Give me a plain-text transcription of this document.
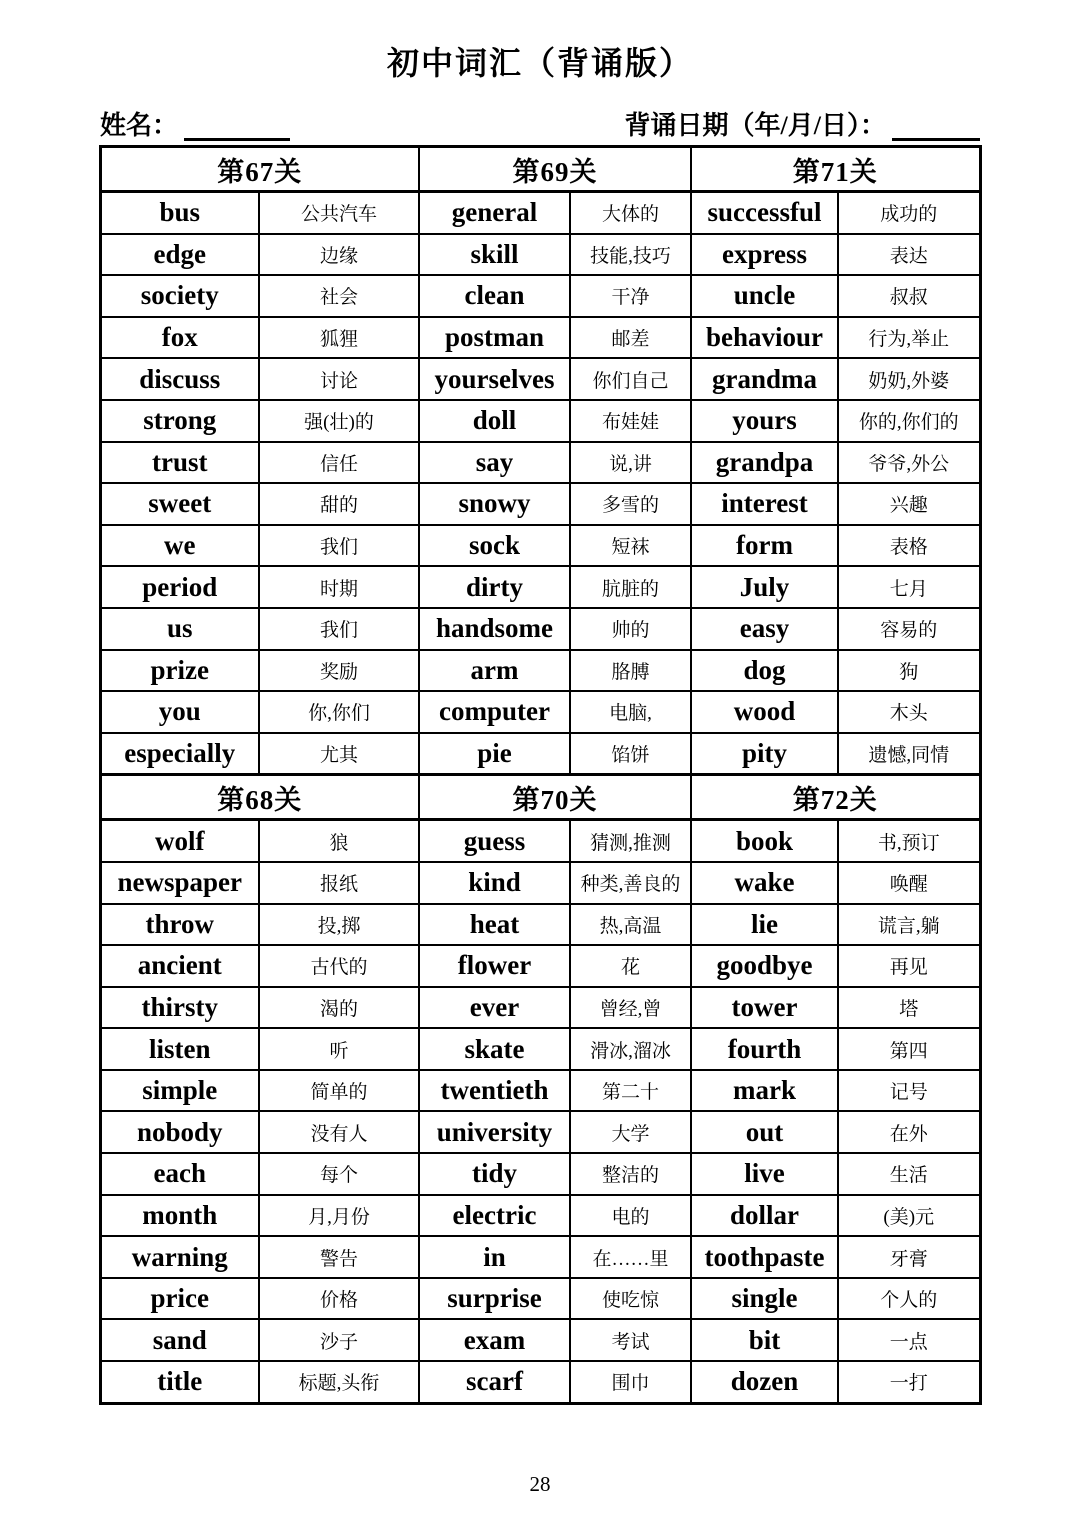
初中词汇（背诵版）
姓名：	背诵日期（年/月/日）：
第67关		第69关		第71关	
bus	公共汽车	general	大体的	successful	成功的
edge	边缘	skill	技能,技巧	express	表达
society	社会	clean	干净	uncle	叔叔
fox	狐狸	postman	邮差	behaviour	行为,举止
discuss	讨论	yourselves	你们自己	grandma	奶奶,外婆
strong	强(壮)的	doll	布娃娃	yours	你的,你们的
trust	信任	say	说,讲	grandpa	爷爷,外公
sweet	甜的	snowy	多雪的	interest	兴趣
we	我们	sock	短袜	form	表格
period	时期	dirty	肮脏的	July	七月
us	我们	handsome	帅的	easy	容易的
prize	奖励	arm	胳膊	dog	狗
you	你,你们	computer	电脑,	wood	木头
especially	尤其	pie	馅饼	pity	遗憾,同情
第68关		第70关		第72关	
wolf	狼	guess	猜测,推测	book	书,预订
newspaper	报纸	kind	种类,善良的	wake	唤醒
throw	投,掷	heat	热,高温	lie	谎言,躺
ancient	古代的	flower	花	goodbye	再见
thirsty	渴的	ever	曾经,曾	tower	塔
listen	听	skate	滑冰,溜冰	fourth	第四
simple	简单的	twentieth	第二十	mark	记号
nobody	没有人	university	大学	out	在外
each	每个	tidy	整洁的	live	生活
month	月,月份	electric	电的	dollar	(美)元
warning	警告	in	在……里	toothpaste	牙膏
price	价格	surprise	使吃惊	single	个人的
sand	沙子	exam	考试	bit	一点
title	标题,头衔	scarf	围巾	dozen	一打
28
